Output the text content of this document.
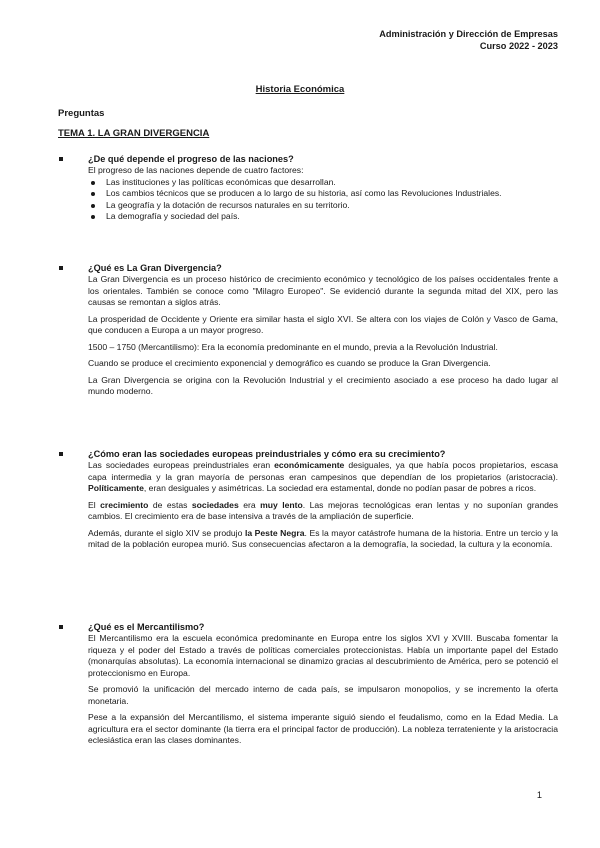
Administración y Dirección de Empresas
Curso 2022 - 2023
Historia Económica
Preguntas
TEMA 1. LA GRAN DIVERGENCIA
¿De qué depende el progreso de las naciones?

El progreso de las naciones depende de cuatro factores:

Las instituciones y las políticas económicas que desarrollan.
Los cambios técnicos que se producen a lo largo de su historia, así como las Revoluciones Industriales.
La geografía y la dotación de recursos naturales en su territorio.
La demografía y sociedad del país.
¿Qué es La Gran Divergencia?

La Gran Divergencia es un proceso histórico de crecimiento económico y tecnológico de los países occidentales frente a los orientales. También se conoce como "Milagro Europeo". Se evidenció durante la segunda mitad del XIX, pero las causas se remontan a siglos atrás.

La prosperidad de Occidente y Oriente era similar hasta el siglo XVI. Se altera con los viajes de Colón y Vasco de Gama, que conducen a Europa a un mayor progreso.

1500 – 1750 (Mercantilismo): Era la economía predominante en el mundo, previa a la Revolución Industrial.

Cuando se produce el crecimiento exponencial y demográfico es cuando se produce la Gran Divergencia.

La Gran Divergencia se origina con la Revolución Industrial y el crecimiento asociado a ese proceso ha dado lugar al mundo moderno.

¿Cómo eran las sociedades europeas preindustriales y cómo era su crecimiento?

Las sociedades europeas preindustriales eran económicamente desiguales, ya que había pocos propietarios, escasa capa intermedia y la gran mayoría de personas eran campesinos que dependían de los propietarios (aristocracia). Políticamente, eran desiguales y asimétricas. La sociedad era estamental, donde no podían pasar de pobres a ricos.

El crecimiento de estas sociedades era muy lento. Las mejoras tecnológicas eran lentas y no suponían grandes cambios. El crecimiento era de base intensiva a través de la ampliación de superficie.

Además, durante el siglo XIV se produjo la Peste Negra. Es la mayor catástrofe humana de la historia. Entre un tercio y la mitad de la población europea murió. Sus consecuencias afectaron a la demografía, la sociedad, la cultura y la economía.

¿Qué es el Mercantilismo?

El Mercantilismo era la escuela económica predominante en Europa entre los siglos XVI y XVIII. Buscaba fomentar la riqueza y el poder del Estado a través de políticas comerciales proteccionistas. Había un importante papel del Estado (monarquías absolutas). La economía internacional se dinamizo gracias al descubrimiento de América, pero se potenció el proteccionismo en Europa.

Se promovió la unificación del mercado interno de cada país, se impulsaron monopolios, y se incremento la oferta monetaria.

Pese a la expansión del Mercantilismo, el sistema imperante siguió siendo el feudalismo, como en la Edad Media. La agricultura era el sector dominante (la tierra era el principal factor de producción). La nobleza terrateniente y la aristocracia eclesiástica eran las clases dominantes.

1
